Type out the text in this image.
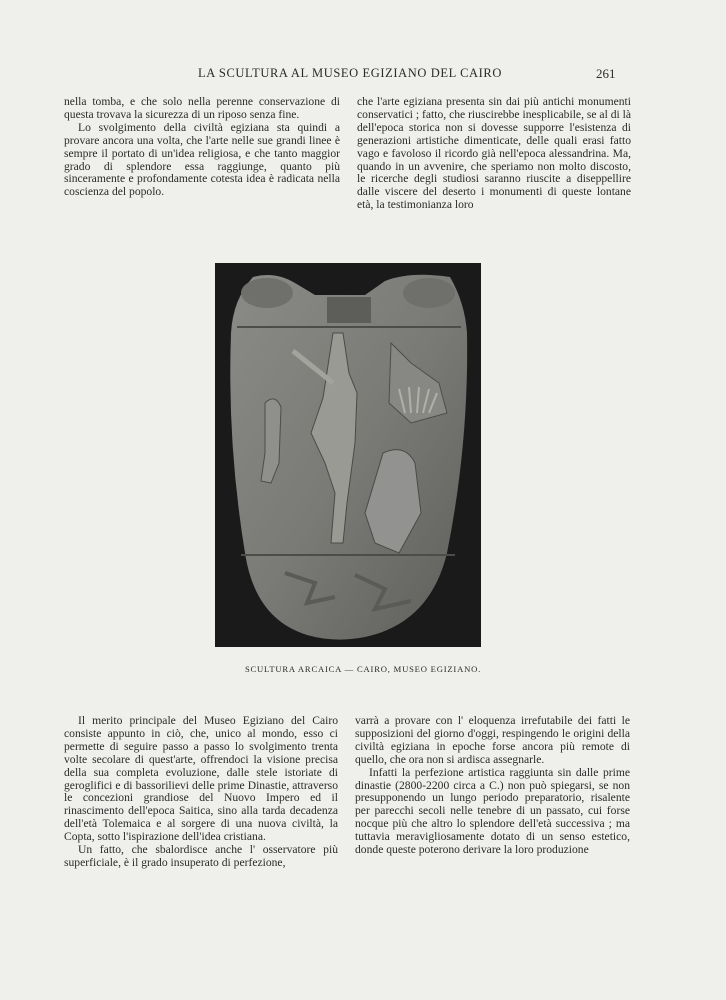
LA SCULTURA AL MUSEO EGIZIANO DEL CAIRO	261

nella tomba, e che solo nella perenne conservazione di questa trovava la sicurezza di un riposo senza fine.

Lo svolgimento della civiltà egiziana sta quindi a provare ancora una volta, che l'arte nelle sue grandi linee è sempre il portato di un'idea religiosa, e che tanto maggior grado di splendore essa raggiunge, quanto più sinceramente e profondamente cotesta idea è radicata nella coscienza del popolo.

che l'arte egiziana presenta sin dai più antichi monumenti conservatici ; fatto, che riuscirebbe inesplicabile, se al di là dell'epoca storica non si dovesse supporre l'esistenza di generazioni artistiche dimenticate, delle quali erasi fatto vago e favoloso il ricordo già nell'epoca alessandrina. Ma, quando in un avvenire, che speriamo non molto discosto, le ricerche degli studiosi saranno riuscite a diseppellire dalle viscere del deserto i monumenti di queste lontane età, la testimonianza loro

SCULTURA ARCAICA — CAIRO, MUSEO EGIZIANO.

Il merito principale del Museo Egiziano del Cairo consiste appunto in ciò, che, unico al mondo, esso ci permette di seguire passo a passo lo svolgimento trenta volte secolare di quest'arte, offrendoci la visione precisa della sua completa evoluzione, dalle stele istoriate di geroglifici e di bassorilievi delle prime Dinastie, attraverso le concezioni grandiose del Nuovo Impero ed il rinascimento dell'epoca Saitica, sino alla tarda decadenza dell'età Tolemaica e al sorgere di una nuova civiltà, la Copta, sotto l'ispirazione dell'idea cristiana.

Un fatto, che sbalordisce anche l' osservatore più superficiale, è il grado insuperato di perfezione,

varrà a provare con l' eloquenza irrefutabile dei fatti le supposizioni del giorno d'oggi, respingendo le origini della civiltà egiziana in epoche forse ancora più remote di quello, che ora non si ardisca assegnarle.

Infatti la perfezione artistica raggiunta sin dalle prime dinastie (2800-2200 circa a C.) non può spiegarsi, se non presupponendo un lungo periodo preparatorio, risalente per parecchi secoli nelle tenebre di un passato, cui forse nocque più che altro lo splendore dell'età successiva ; ma tuttavia meravigliosamente dotato di un senso estetico, donde queste poterono derivare la loro produzione
